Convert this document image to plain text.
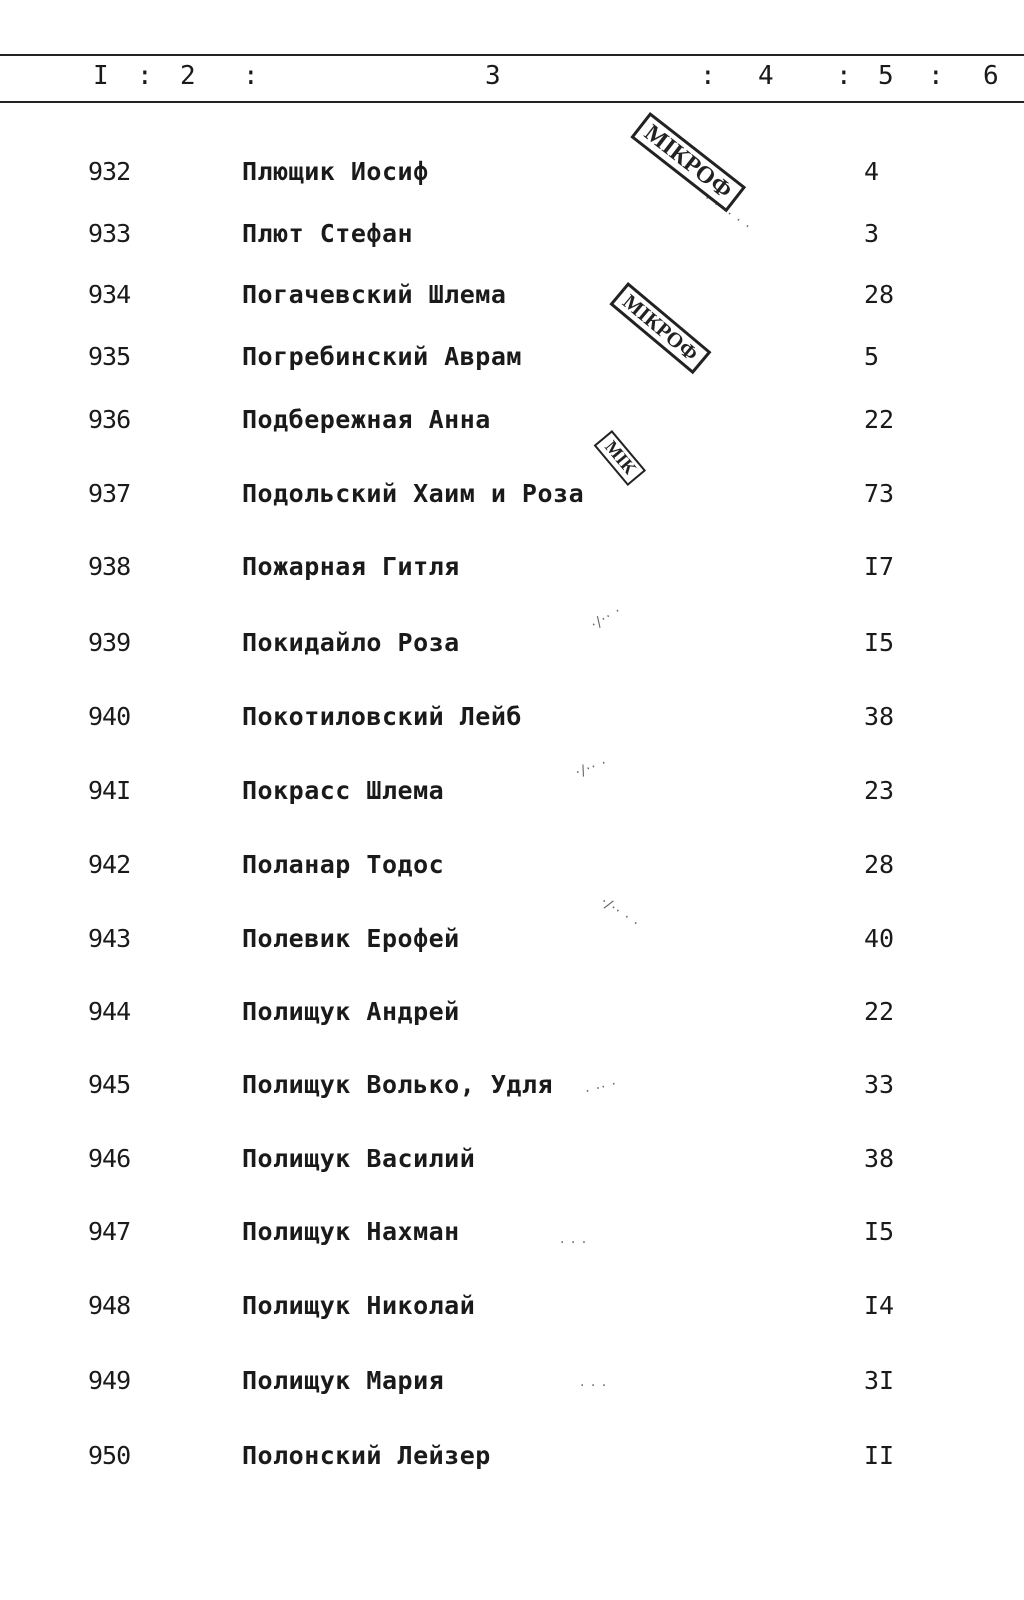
I : 2 :	3	: 4 : 5 : 6
932	Плющик Иосиф	4
933	Плют Стефан	3
934	Погачевский Шлема	28
935	Погребинский Аврам	5
936	Подбережная Анна	22
937	Подольский Хаим и Роза	73
938	Пожарная Гитля	I7
939	Покидайло Роза	I5
940	Покотиловский Лейб	38
94I	Покрасс Шлема	23
942	Поланар Тодос	28
943	Полевик Ерофей	40
944	Полищук Андрей	22
945	Полищук Волько, Удля	33
946	Полищук Василий	38
947	Полищук Нахман	I5
948	Полищук Николай	I4
949	Полищук Мария	3I
950	Полонский Лейзер	II
МІКРОФ
МІКРОФ
МІК
· · ·· · ·
·∕·· ·
·∕·· ·
·∕·· · ·
· ·· ·
· · ·
· · ·
